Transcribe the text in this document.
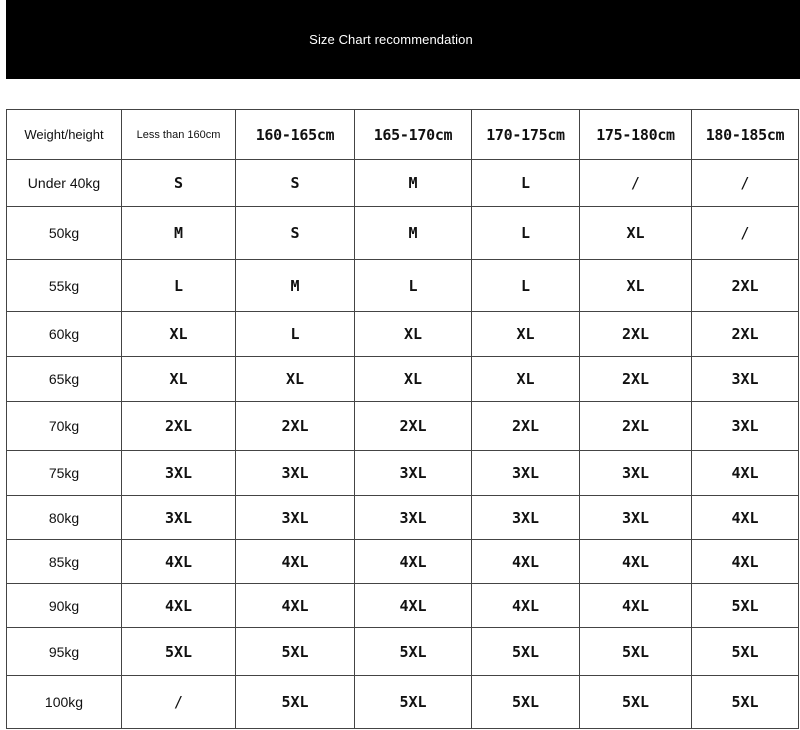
Size Chart recommendation
Weight/height	Less than 160cm	160-165cm	165-170cm	170-175cm	175-180cm	180-185cm
Under 40kg	S	S	M	L	/	/
50kg	M	S	M	L	XL	/
55kg	L	M	L	L	XL	2XL
60kg	XL	L	XL	XL	2XL	2XL
65kg	XL	XL	XL	XL	2XL	3XL
70kg	2XL	2XL	2XL	2XL	2XL	3XL
75kg	3XL	3XL	3XL	3XL	3XL	4XL
80kg	3XL	3XL	3XL	3XL	3XL	4XL
85kg	4XL	4XL	4XL	4XL	4XL	4XL
90kg	4XL	4XL	4XL	4XL	4XL	5XL
95kg	5XL	5XL	5XL	5XL	5XL	5XL
100kg	/	5XL	5XL	5XL	5XL	5XL
